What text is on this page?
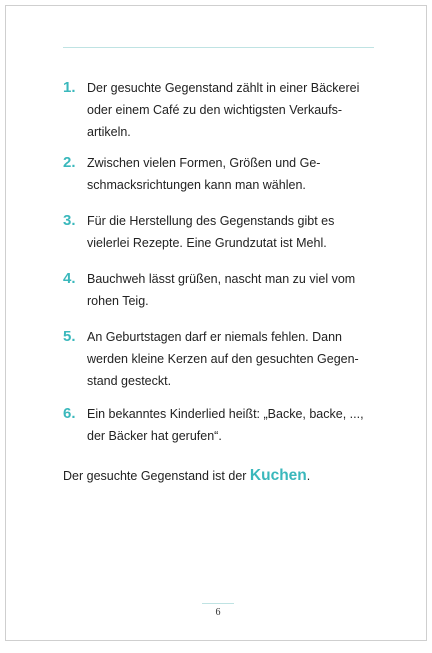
1. Der gesuchte Gegenstand zählt in einer Bäckerei
oder einem Café zu den wichtigsten Verkaufs-
artikeln.
2. Zwischen vielen Formen, Größen und Ge-
schmacksrichtungen kann man wählen.
3. Für die Herstellung des Gegenstands gibt es
vielerlei Rezepte. Eine Grundzutat ist Mehl.
4. Bauchweh lässt grüßen, nascht man zu viel vom
rohen Teig.
5. An Geburtstagen darf er niemals fehlen. Dann
werden kleine Kerzen auf den gesuchten Gegen-
stand gesteckt.
6. Ein bekanntes Kinderlied heißt: „Backe, backe, ...,
der Bäcker hat gerufen“.
Der gesuchte Gegenstand ist der Kuchen.
6
